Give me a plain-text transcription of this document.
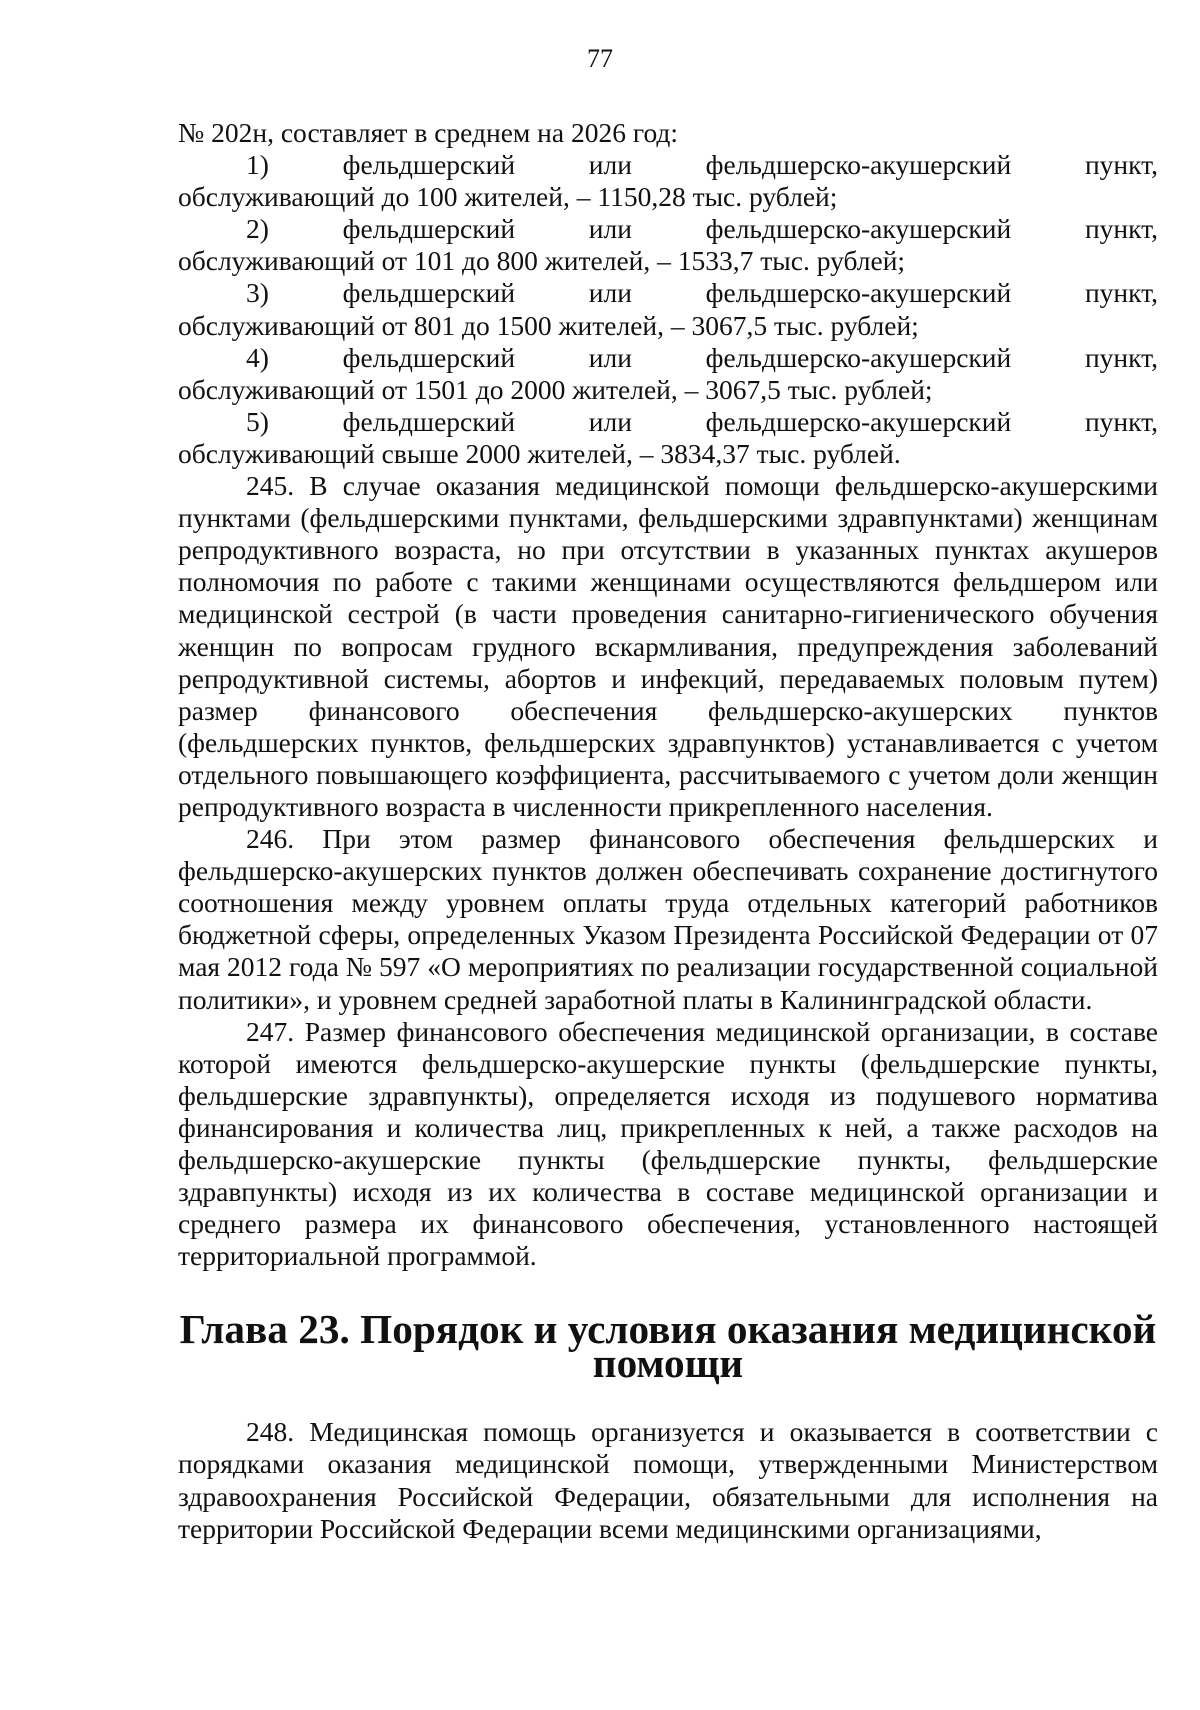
77
№ 202н, составляет в среднем на 2026 год:
1)	фельдшерский	или	фельдшерско-акушерский	пункт,
обслуживающий до 100 жителей, – 1150,28 тыс. рублей;
2)	фельдшерский	или	фельдшерско-акушерский	пункт,
обслуживающий от 101 до 800 жителей, – 1533,7 тыс. рублей;
3)	фельдшерский	или	фельдшерско-акушерский	пункт,
обслуживающий от 801 до 1500 жителей, – 3067,5 тыс. рублей;
4)	фельдшерский	или	фельдшерско-акушерский	пункт,
обслуживающий от 1501 до 2000 жителей, – 3067,5 тыс. рублей;
5)	фельдшерский	или	фельдшерско-акушерский	пункт,
обслуживающий свыше 2000 жителей, – 3834,37 тыс. рублей.

245. В случае оказания медицинской помощи фельдшерско-акушерскими пунктами (фельдшерскими пунктами, фельдшерскими здравпунктами) женщинам репродуктивного возраста, но при отсутствии в указанных пунктах акушеров полномочия по работе с такими женщинами осуществляются фельдшером или медицинской сестрой (в части проведения санитарно-гигиенического обучения женщин по вопросам грудного вскармливания, предупреждения заболеваний репродуктивной системы, абортов и инфекций, передаваемых половым путем) размер финансового обеспечения фельдшерско-акушерских пунктов (фельдшерских пунктов, фельдшерских здравпунктов) устанавливается с учетом отдельного повышающего коэффициента, рассчитываемого с учетом доли женщин репродуктивного возраста в численности прикрепленного населения.

246. При этом размер финансового обеспечения фельдшерских и фельдшерско-акушерских пунктов должен обеспечивать сохранение достигнутого соотношения между уровнем оплаты труда отдельных категорий работников бюджетной сферы, определенных Указом Президента Российской Федерации от 07 мая 2012 года № 597 «О мероприятиях по реализации государственной социальной политики», и уровнем средней заработной платы в Калининградской области.

247. Размер финансового обеспечения медицинской организации, в составе которой имеются фельдшерско-акушерские пункты (фельдшерские пункты, фельдшерские здравпункты), определяется исходя из подушевого норматива финансирования и количества лиц, прикрепленных к ней, а также расходов на фельдшерско-акушерские пункты (фельдшерские пункты, фельдшерские здравпункты) исходя из их количества в составе медицинской организации и среднего размера их финансового обеспечения, установленного настоящей территориальной программой.

Глава 23. Порядок и условия оказания медицинской помощи

248. Медицинская помощь организуется и оказывается в соответствии с порядками оказания медицинской помощи, утвержденными Министерством здравоохранения Российской Федерации, обязательными для исполнения на территории Российской Федерации всеми медицинскими организациями,
